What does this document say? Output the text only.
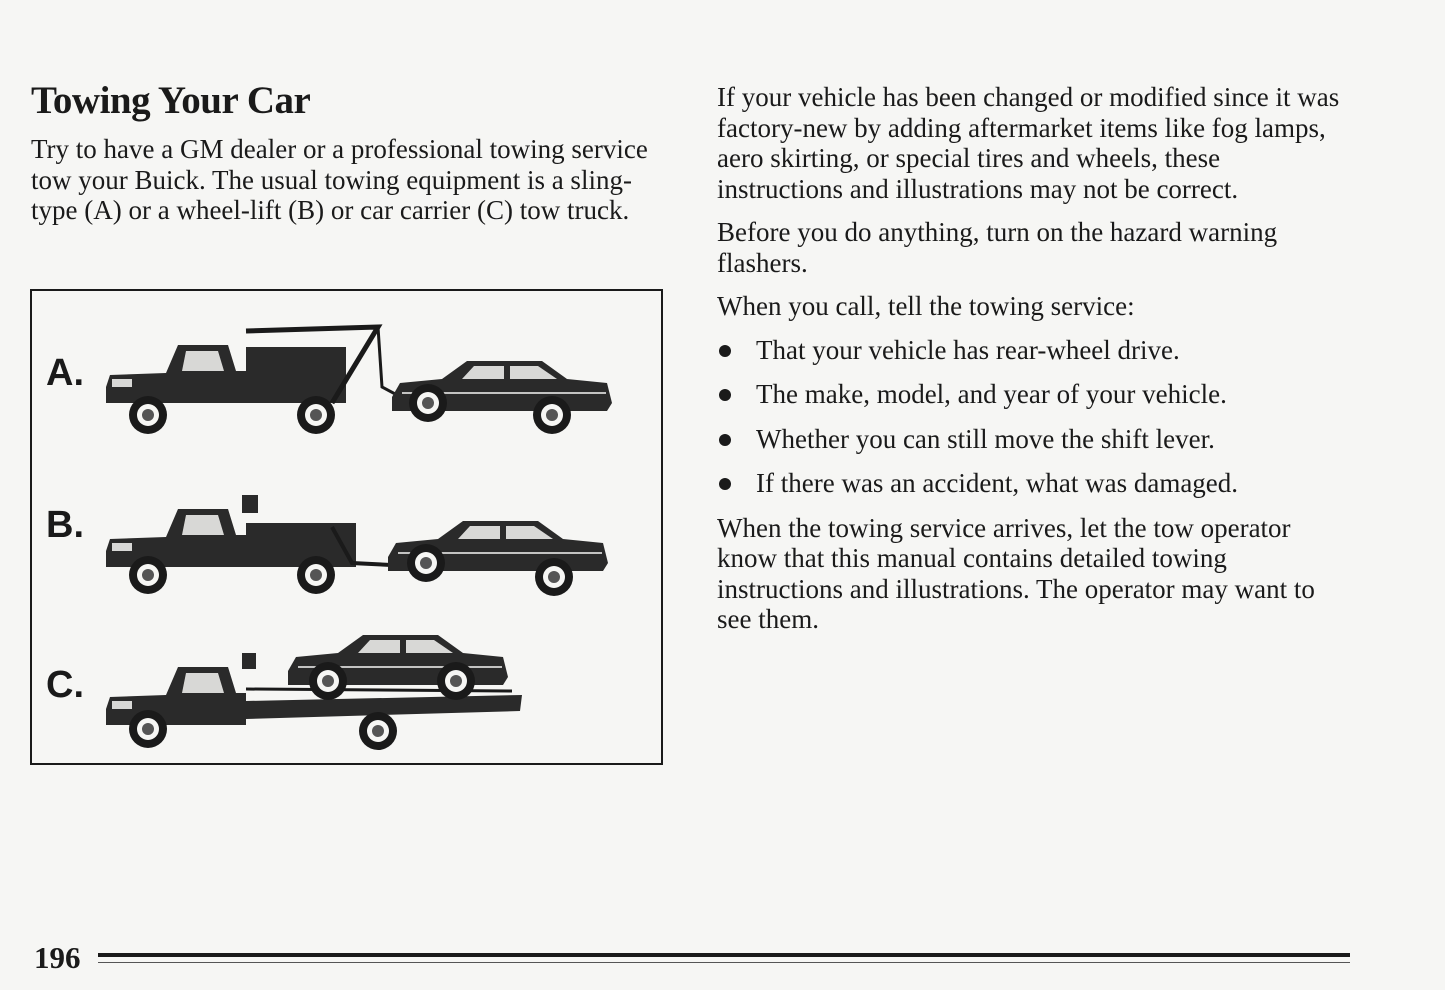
Towing Your Car

Try to have a GM dealer or a professional towing service tow your Buick. The usual towing equipment is a sling-type (A) or a wheel-lift (B) or car carrier (C) tow truck.

A.
B.
C.

If your vehicle has been changed or modified since it was factory-new by adding aftermarket items like fog lamps, aero skirting, or special tires and wheels, these instructions and illustrations may not be correct.

Before you do anything, turn on the hazard warning flashers.

When you call, tell the towing service:

That your vehicle has rear-wheel drive.
The make, model, and year of your vehicle.
Whether you can still move the shift lever.
If there was an accident, what was damaged.

When the towing service arrives, let the tow operator know that this manual contains detailed towing instructions and illustrations. The operator may want to see them.

196
